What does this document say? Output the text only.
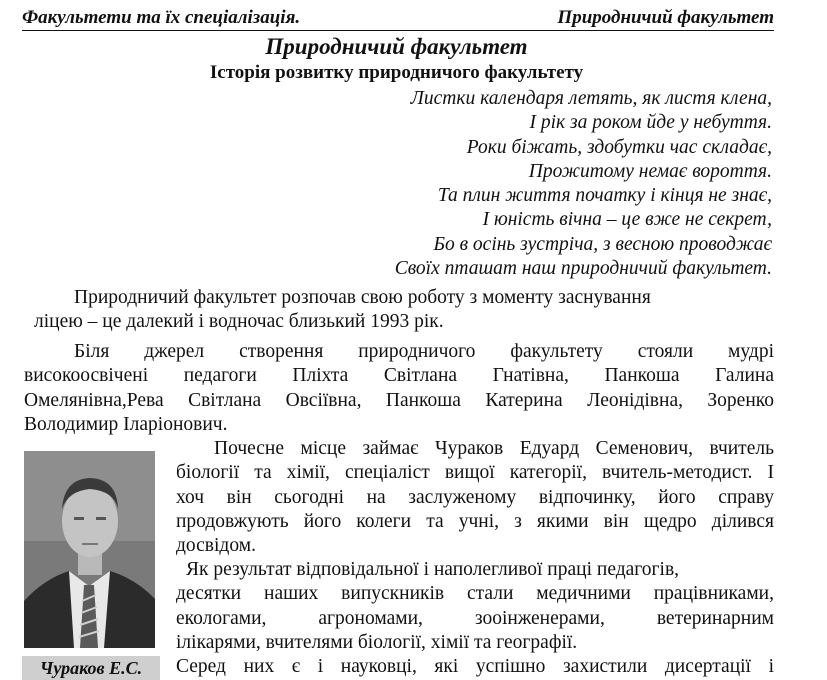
Факультети та їх спеціалізація.	Природничий факультет
Природничий факультет
Історія розвитку природничого факультету
Листки календаря летять, як листя клена,
І рік за роком йде у небуття.
Роки біжать, здобутки час складає,
Прожитому немає вороття.
Та плин життя початку і кінця не знає,
І юність вічна – це вже не секрет,
Бо в осінь зустріча, з весною проводжає
Своїх пташат наш природничий факультет.
Природничий факультет розпочав свою роботу з моменту заснування
ліцею – це далекий і водночас близький 1993 рік.
Біля джерел створення природничого факультету стояли мудрі
високоосвічені педагоги Пліхта Світлана Гнатівна, Панкоша Галина
Омелянівна,Рева Світлана Овсіївна, Панкоша Катерина Леонідівна, Зоренко
Володимир Іларіонович.
Почесне місце займає Чураков Едуард Семенович, вчитель
біології та хімії, спеціаліст вищої категорії, вчитель-методист. І
хоч він сьогодні на заслуженому відпочинку, його справу
продовжують його колеги та учні, з якими він щедро ділився
досвідом.
Як результат відповідальної і наполегливої праці педагогів,
десятки наших випускників стали медичними працівниками,
екологами, агрономами, зооінженерами, ветеринарним
ілікарями, вчителями біології, хімії та географії.
Серед них є і науковці, які успішно захистили дисертації і
Чураков Е.С.
